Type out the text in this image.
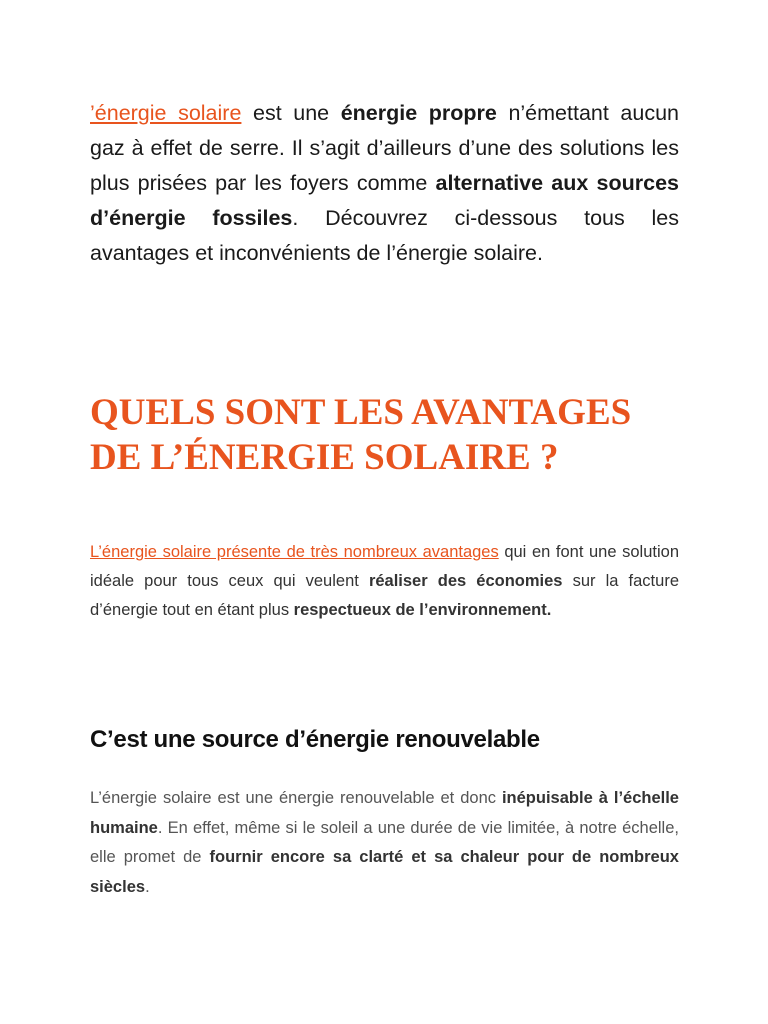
’énergie solaire est une énergie propre n’émettant aucun gaz à effet de serre. Il s’agit d’ailleurs d’une des solutions les plus prisées par les foyers comme alternative aux sources d’énergie fossiles. Découvrez ci-dessous tous les avantages et inconvénients de l’énergie solaire.

QUELS SONT LES AVANTAGES
DE L’ÉNERGIE SOLAIRE ?

L’énergie solaire présente de très nombreux avantages qui en font une solution idéale pour tous ceux qui veulent réaliser des économies sur la facture d’énergie tout en étant plus respectueux de l’environnement.

C’est une source d’énergie renouvelable

L’énergie solaire est une énergie renouvelable et donc inépuisable à l’échelle humaine. En effet, même si le soleil a une durée de vie limitée, à notre échelle, elle promet de fournir encore sa clarté et sa chaleur pour de nombreux siècles.
